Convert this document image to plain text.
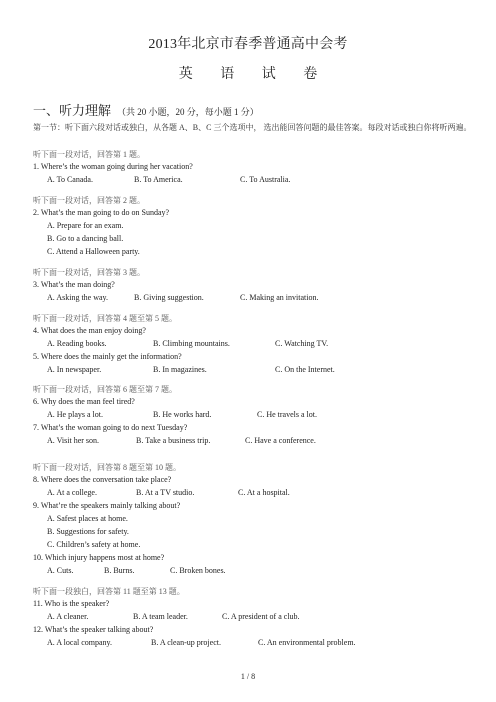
2013年北京市春季普通高中会考
英 语 试 卷
一、听力理解 （共 20 小题，20 分，每小题 1 分）
第一节：听下面六段对话或独白，从各题 A、B、C 三个选项中， 选出能回答问题的最佳答案。每段对话或独白你将听两遍。
听下面一段对话，回答第 1 题。
1. Where’s the woman going during her vacation?
A. To Canada.	B. To America.	C. To Australia.
听下面一段对话，回答第 2 题。
2. What’s the man going to do on Sunday?
A. Prepare for an exam.
B. Go to a dancing ball.
C. Attend a Halloween party.
听下面一段对话，回答第 3 题。
3. What’s the man doing?
A. Asking the way.	B. Giving suggestion.	C. Making an invitation.
听下面一段对话，回答第 4 题至第 5 题。
4. What does the man enjoy doing?
A. Reading books.	B. Climbing mountains.	C. Watching TV.
5. Where does the mainly get the information?
A. In newspaper.	B. In magazines.	C. On the Internet.
听下面一段对话，回答第 6 题至第 7 题。
6. Why does the man feel tired?
A. He plays a lot.	B. He works hard.	C. He travels a lot.
7. What’s the woman going to do next Tuesday?
A. Visit her son.	B. Take a business trip.	C. Have a conference.
听下面一段对话，回答第 8 题至第 10 题。
8. Where does the conversation take place?
A. At a college.	B. At a TV studio.	C. At a hospital.
9. What’re the speakers mainly talking about?
A. Safest places at home.
B. Suggestions for safety.
C. Children’s safety at home.
10. Which injury happens most at home?
A. Cuts.	B. Burns.	C. Broken bones.
听下面一段独白，回答第 11 题至第 13 题。
11. Who is the speaker?
A. A cleaner.	B. A team leader.	C. A president of a club.
12. What’s the speaker talking about?
A. A local company.	B. A clean-up project.	C. An environmental problem.
1 / 8
